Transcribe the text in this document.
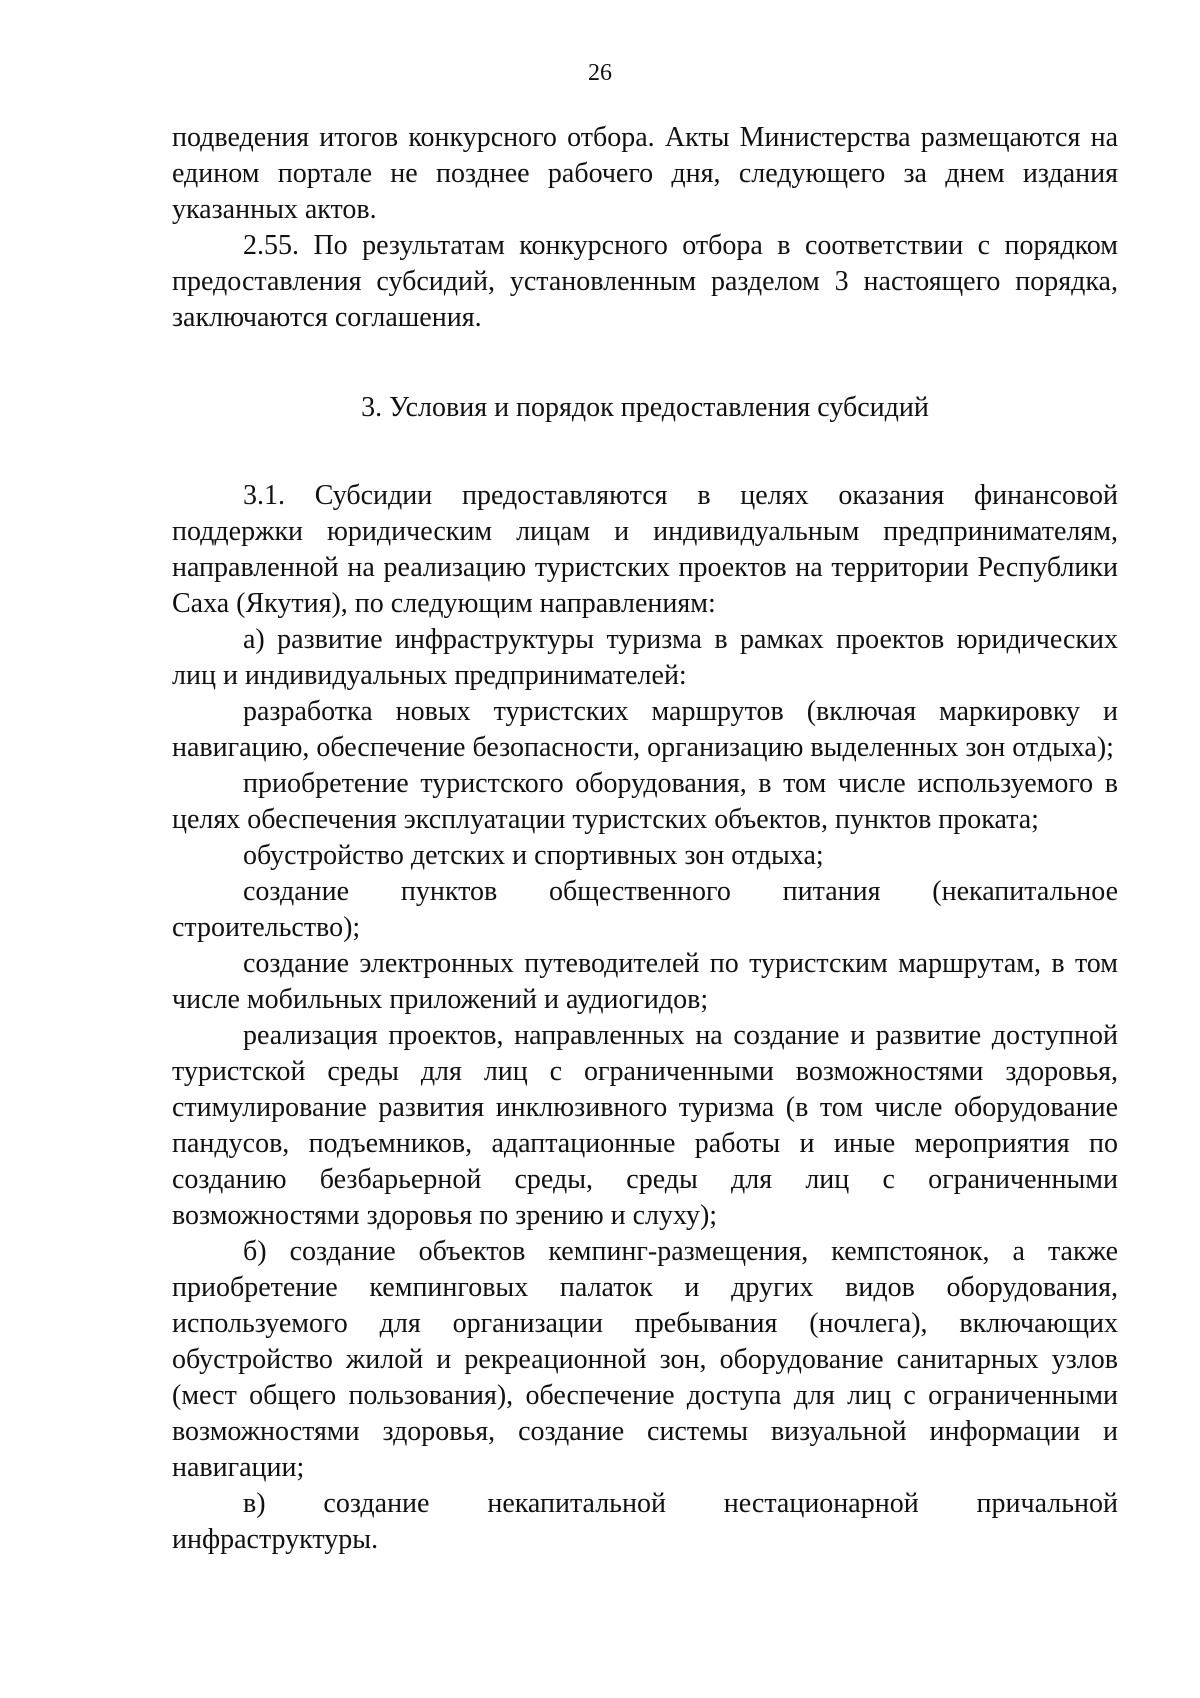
26

подведения итогов конкурсного отбора. Акты Министерства размещаются на едином портале не позднее рабочего дня, следующего за днем издания указанных актов.

2.55. По результатам конкурсного отбора в соответствии с порядком предоставления субсидий, установленным разделом 3 настоящего порядка, заключаются соглашения.

3. Условия и порядок предоставления субсидий

3.1. Субсидии предоставляются в целях оказания финансовой поддержки юридическим лицам и индивидуальным предпринимателям, направленной на реализацию туристских проектов на территории Республики Саха (Якутия), по следующим направлениям:

а) развитие инфраструктуры туризма в рамках проектов юридических лиц и индивидуальных предпринимателей:

разработка новых туристских маршрутов (включая маркировку и навигацию, обеспечение безопасности, организацию выделенных зон отдыха);

приобретение туристского оборудования, в том числе используемого в целях обеспечения эксплуатации туристских объектов, пунктов проката;

обустройство детских и спортивных зон отдыха;

создание пунктов общественного питания (некапитальное строительство);

создание электронных путеводителей по туристским маршрутам, в том числе мобильных приложений и аудиогидов;

реализация проектов, направленных на создание и развитие доступной туристской среды для лиц с ограниченными возможностями здоровья, стимулирование развития инклюзивного туризма (в том числе оборудование пандусов, подъемников, адаптационные работы и иные мероприятия по созданию безбарьерной среды, среды для лиц с ограниченными возможностями здоровья по зрению и слуху);

б) создание объектов кемпинг-размещения, кемпстоянок, а также приобретение кемпинговых палаток и других видов оборудования, используемого для организации пребывания (ночлега), включающих обустройство жилой и рекреационной зон, оборудование санитарных узлов (мест общего пользования), обеспечение доступа для лиц с ограниченными возможностями здоровья, создание системы визуальной информации и навигации;

в) создание некапитальной нестационарной причальной инфраструктуры.
